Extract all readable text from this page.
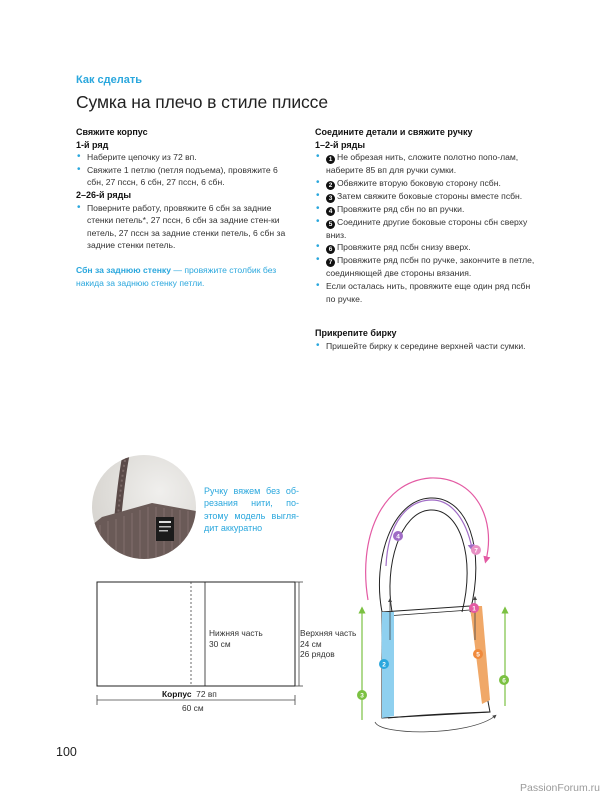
Как сделать
Сумка на плечо в стиле плиссе
Свяжите корпус
1-й ряд
• Наберите цепочку из 72 вп.
• Свяжите 1 петлю (петля подъема), провяжите 6 сбн, 27 пссн, 6 сбн, 27 пссн, 6 сбн.
2–26-й ряды
• Поверните работу, провяжите 6 сбн за задние стенки петель*, 27 пссн, 6 сбн за задние стен-ки петель, 27 пссн за задние стенки петель, 6 сбн за задние стенки петель.

Сбн за заднюю стенку — провяжите столбик без накида за заднюю стенку петли.

Соедините детали и свяжите ручку
1–2-й ряды
• 1 Не обрезая нить, сложите полотно попо-лам, наберите 85 вп для ручки сумки.
• 2 Обвяжите вторую боковую сторону псбн.
• 3 Затем свяжите боковые стороны вместе псбн.
• 4 Провяжите ряд сбн по вп ручки.
• 5 Соедините другие боковые стороны сбн сверху вниз.
• 6 Провяжите ряд псбн снизу вверх.
• 7 Провяжите ряд псбн по ручке, закончите в петле, соединяющей две стороны вязания.
• Если осталась нить, провяжите еще один ряд псбн по ручке.
Прикрепите бирку
• Пришейте бирку к середине верхней части сумки.
Ручку вяжем без об-резания нити, по-этому модель выгля-дит аккуратно
1
2
3
4
5
6
7
Нижняя часть
30 см
Верхняя часть
24 см
26 рядов
Корпус 72 вп
60 см
100
PassionForum.ru
